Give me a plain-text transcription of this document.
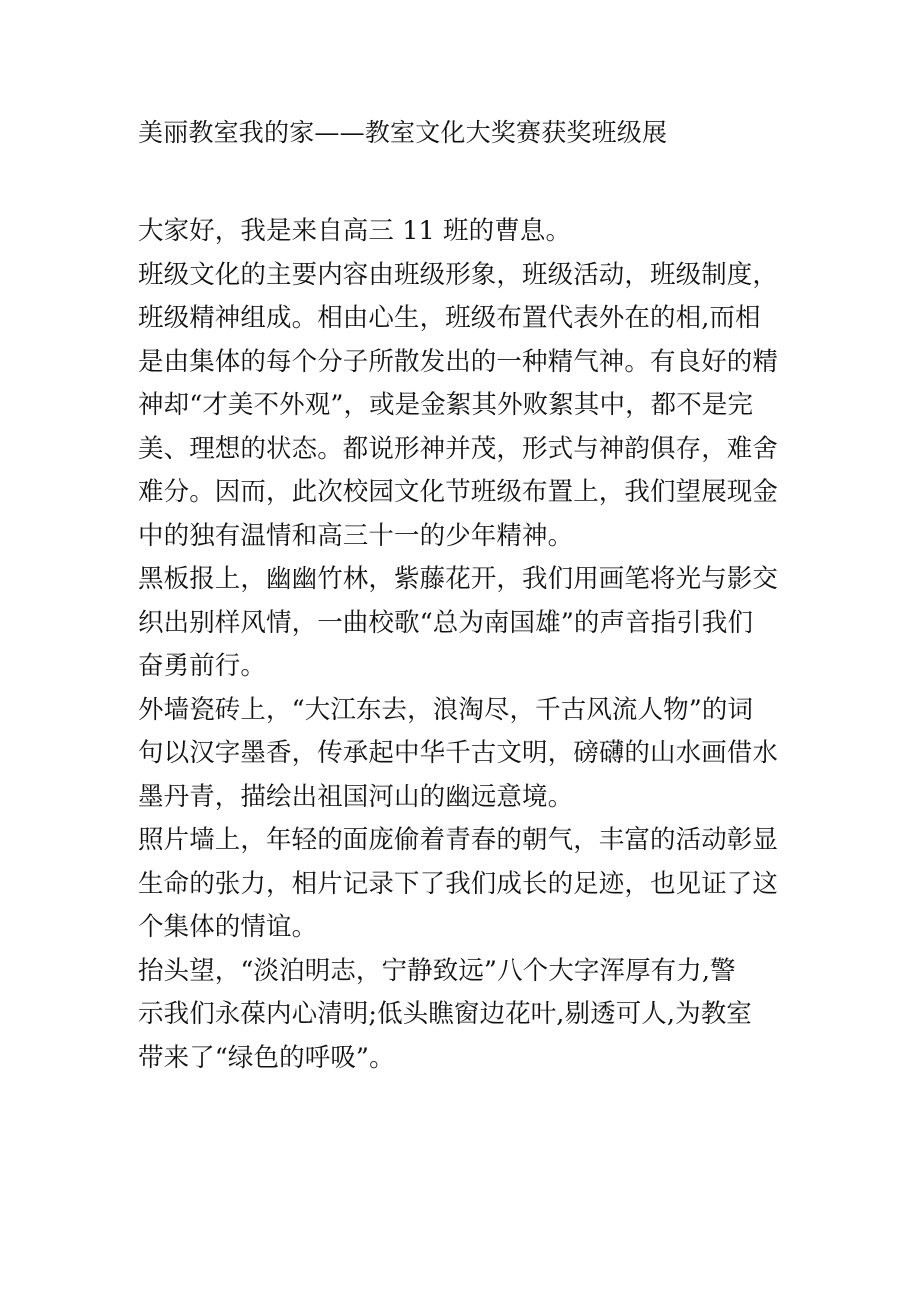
美丽教室我的家——教室文化大奖赛获奖班级展

大家好，我是来自高三 11 班的曹息。

班级文化的主要内容由班级形象，班级活动，班级制度，
班级精神组成。相由心生，班级布置代表外在的相,而相
是由集体的每个分子所散发出的一种精气神。有良好的精
神却“才美不外观”，或是金絮其外败絮其中，都不是完
美、理想的状态。都说形神并茂，形式与神韵俱存，难舍
难分。因而，此次校园文化节班级布置上，我们望展现金
中的独有温情和高三十一的少年精神。

黑板报上，幽幽竹林，紫藤花开，我们用画笔将光与影交
织出别样风情，一曲校歌“总为南国雄”的声音指引我们
奋勇前行。

外墙瓷砖上，“大江东去，浪淘尽，千古风流人物”的词
句以汉字墨香，传承起中华千古文明，磅礴的山水画借水
墨丹青，描绘出祖国河山的幽远意境。

照片墙上，年轻的面庞偷着青春的朝气，丰富的活动彰显
生命的张力，相片记录下了我们成长的足迹，也见证了这
个集体的情谊。

抬头望，“淡泊明志，宁静致远”八个大字浑厚有力,警
示我们永葆内心清明;低头瞧窗边花叶,剔透可人,为教室
带来了“绿色的呼吸”。
